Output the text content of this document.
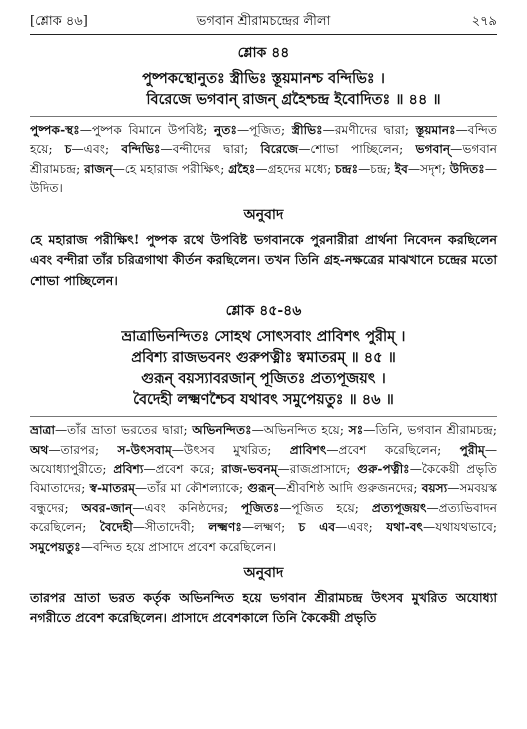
[শ্লোক ৪৬]	ভগবান শ্রীরামচন্দ্রের লীলা	২৭৯
শ্লোক ৪৪
পুষ্পকস্থোনুতঃ স্ত্রীভিঃ স্তূয়মানশ্চ বন্দিভিঃ ।
বিরেজে ভগবান্ রাজন্ গ্রহৈশ্চন্দ্র ইবোদিতঃ ॥ ৪৪ ॥
পুষ্পক-স্থঃ—পুষ্পক বিমানে উপবিষ্ট; নুতঃ—পূজিত; স্ত্রীভিঃ—রমণীদের দ্বারা; স্তূয়মানঃ—বন্দিত হয়ে; চ—এবং; বন্দিভিঃ—বন্দীদের দ্বারা; বিরেজে—শোভা পাচ্ছিলেন; ভগবান্—ভগবান শ্রীরামচন্দ্র; রাজন্—হে মহারাজ পরীক্ষিৎ; গ্রহৈঃ—গ্রহদের মধ্যে; চন্দ্রঃ—চন্দ্র; ইব—সদৃশ; উদিতঃ—উদিত।
অনুবাদ
হে মহারাজ পরীক্ষিৎ! পুষ্পক রথে উপবিষ্ট ভগবানকে পুরনারীরা প্রার্থনা নিবেদন করছিলেন এবং বন্দীরা তাঁর চরিত্রগাথা কীর্তন করছিলেন। তখন তিনি গ্রহ-নক্ষত্রের মাঝখানে চন্দ্রের মতো শোভা পাচ্ছিলেন।
শ্লোক ৪৫-৪৬
ভ্রাত্রাভিনন্দিতঃ সোহথ সোৎসবাং প্রাবিশৎ পুরীম্ ।
প্রবিশ্য রাজভবনং গুরুপত্নীঃ স্বমাতরম্ ॥ ৪৫ ॥
গুরূন্ বয়স্যাবরজান্ পূজিতঃ প্রত্যপূজয়ৎ ।
বৈদেহী লক্ষ্মণশ্চৈব যথাবৎ সমুপেয়তুঃ ॥ ৪৬ ॥
ভ্রাত্রা—তাঁর ভ্রাতা ভরতের দ্বারা; অভিনন্দিতঃ—অভিনন্দিত হয়ে; সঃ—তিনি, ভগবান শ্রীরামচন্দ্র; অথ—তারপর; স-উৎসবাম্—উৎসব মুখরিত; প্রাবিশৎ—প্রবেশ করেছিলেন; পুরীম্—অযোধ্যাপুরীতে; প্রবিশ্য—প্রবেশ করে; রাজ-ভবনম্—রাজপ্রাসাদে; গুরু-পত্নীঃ—কৈকেয়ী প্রভৃতি বিমাতাদের; স্ব-মাতরম্—তাঁর মা কৌশল্যাকে; গুরূন্—শ্রীবশিষ্ঠ আদি গুরুজনদের; বয়স্য—সমবয়স্ক বন্ধুদের; অবর-জান্—এবং কনিষ্ঠদের; পূজিতঃ—পূজিত হয়ে; প্রত্যপূজয়ৎ—প্রত্যভিবাদন করেছিলেন; বৈদেহী—সীতাদেবী; লক্ষ্মণঃ—লক্ষ্মণ; চ এব—এবং; যথা-বৎ—যথাযথভাবে; সমুপেয়তুঃ—বন্দিত হয়ে প্রাসাদে প্রবেশ করেছিলেন।
অনুবাদ
তারপর ভ্রাতা ভরত কর্তৃক অভিনন্দিত হয়ে ভগবান শ্রীরামচন্দ্র উৎসব মুখরিত অযোধ্যা নগরীতে প্রবেশ করেছিলেন। প্রাসাদে প্রবেশকালে তিনি কৈকেয়ী প্রভৃতি
